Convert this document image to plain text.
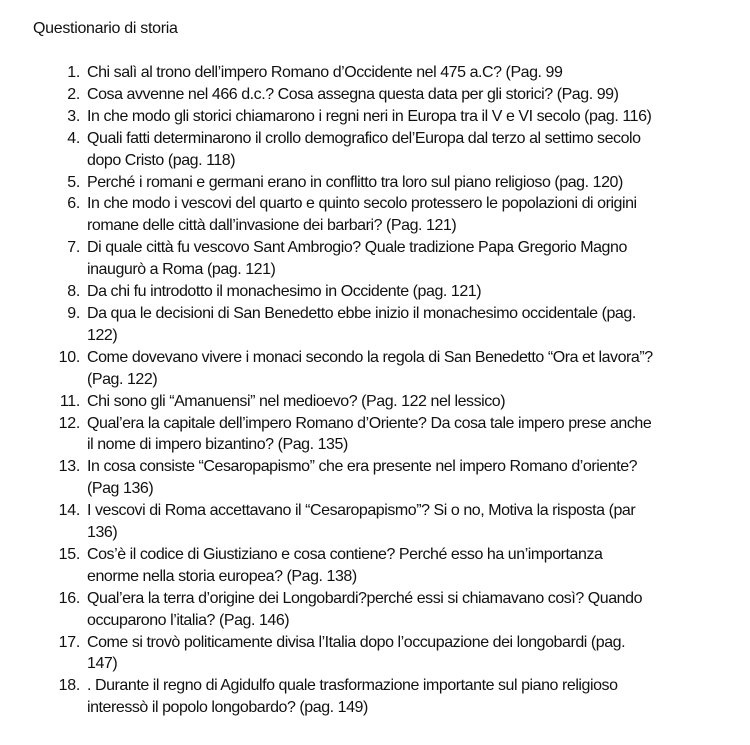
Questionario di storia
1. Chi salì al trono dell’impero Romano d’Occidente nel 475 a.C? (Pag. 99
2. Cosa avvenne nel 466 d.c.? Cosa assegna questa data per gli storici? (Pag. 99)
3. In che modo gli storici chiamarono i regni neri in Europa tra il V e VI secolo (pag. 116)
4. Quali fatti determinarono il crollo demografico del’Europa dal terzo al settimo secolo
dopo Cristo (pag. 118)
5. Perché i romani e germani erano in conflitto tra loro sul piano religioso (pag. 120)
6. In che modo i vescovi del quarto e quinto secolo protessero le popolazioni di origini
romane delle città dall’invasione dei barbari? (Pag. 121)
7. Di quale città fu vescovo Sant Ambrogio? Quale tradizione Papa Gregorio Magno
inaugurò a Roma (pag. 121)
8. Da chi fu introdotto il monachesimo in Occidente (pag. 121)
9. Da qua le decisioni di San Benedetto ebbe inizio il monachesimo occidentale (pag.
122)
10. Come dovevano vivere i monaci secondo la regola di San Benedetto “Ora et lavora”?
(Pag. 122)
11. Chi sono gli “Amanuensi” nel medioevo? (Pag. 122 nel lessico)
12. Qual’era la capitale dell’impero Romano d’Oriente? Da cosa tale impero prese anche
il nome di impero bizantino? (Pag. 135)
13. In cosa consiste “Cesaropapismo” che era presente nel impero Romano d’oriente?
(Pag 136)
14. I vescovi di Roma accettavano il “Cesaropapismo”? Si o no, Motiva la risposta (par
136)
15. Cos’è il codice di Giustiziano e cosa contiene? Perché esso ha un’importanza
enorme nella storia europea? (Pag. 138)
16. Qual’era la terra d’origine dei Longobardi?perché essi si chiamavano così? Quando
occuparono l’italia? (Pag. 146)
17. Come si trovò politicamente divisa l’Italia dopo l’occupazione dei longobardi (pag.
147)
18. . Durante il regno di Agidulfo quale trasformazione importante sul piano religioso
interessò il popolo longobardo? (pag. 149)
